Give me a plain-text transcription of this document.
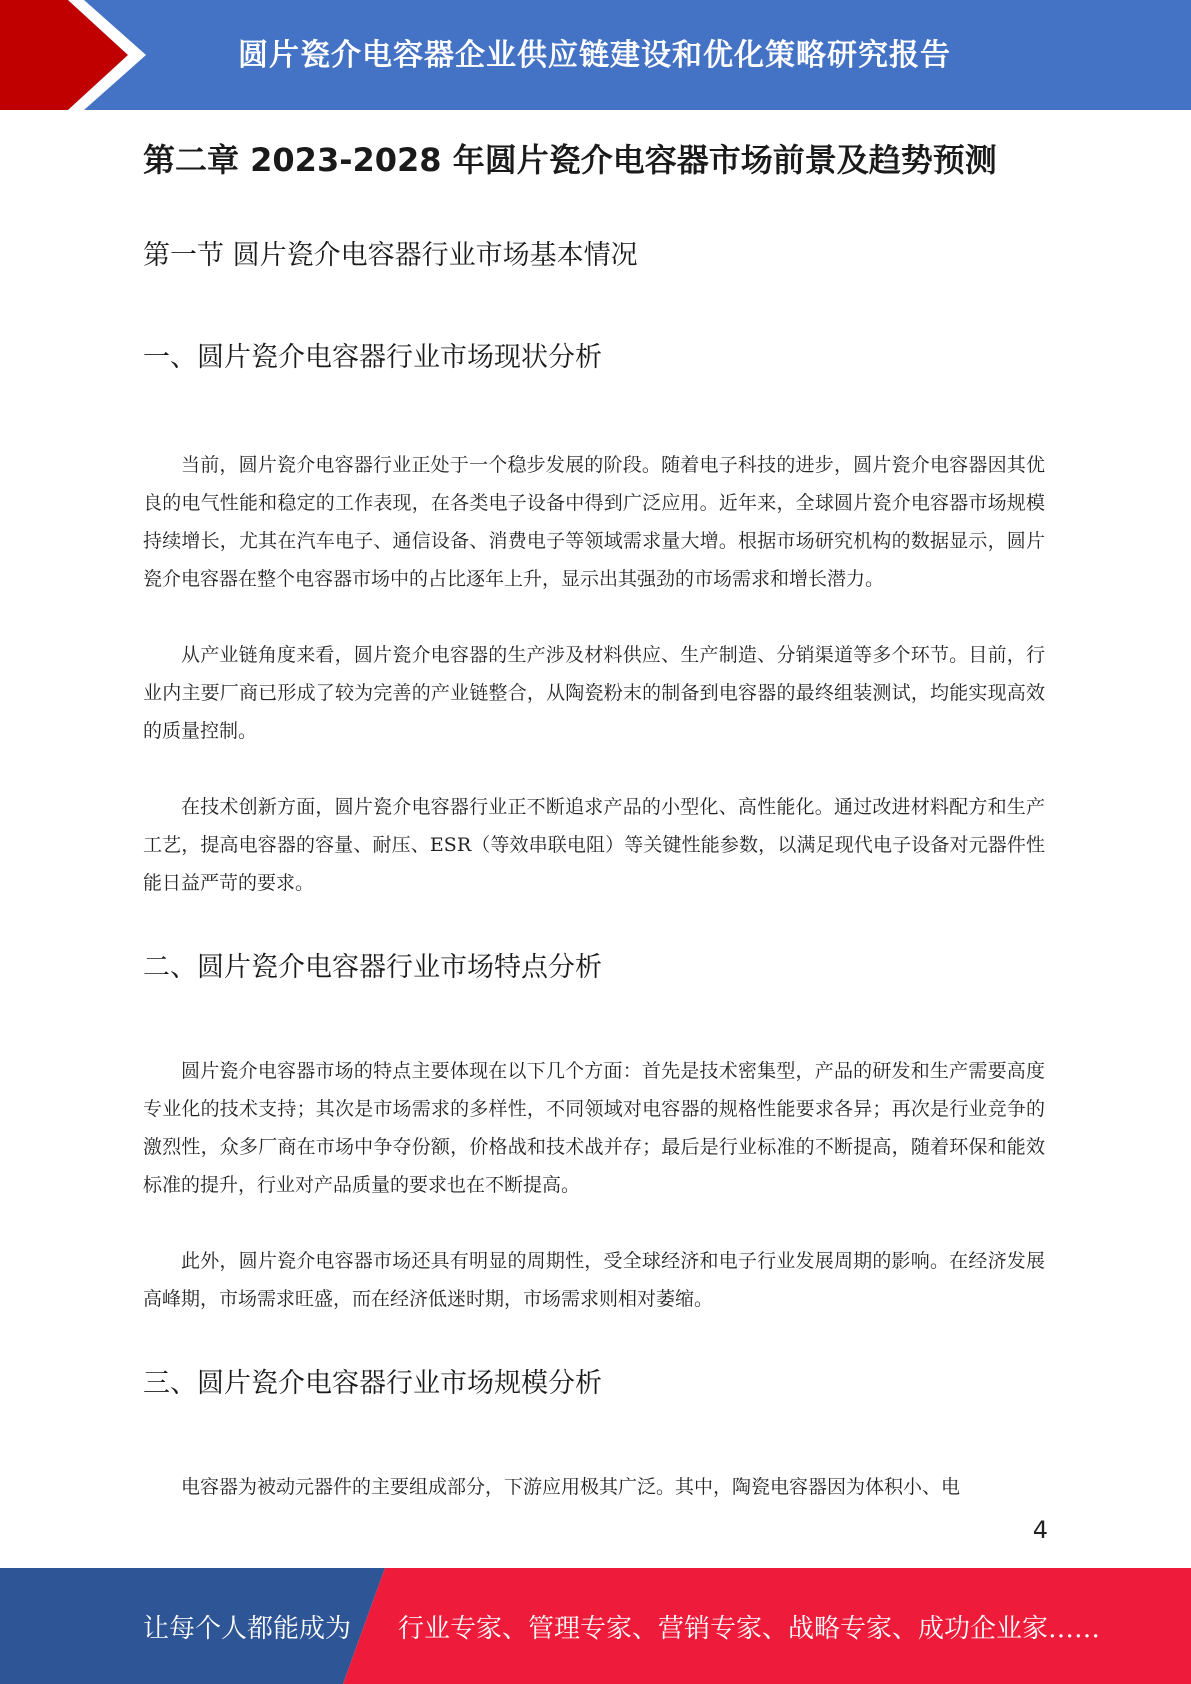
圆片瓷介电容器企业供应链建设和优化策略研究报告
第二章 2023-2028 年圆片瓷介电容器市场前景及趋势预测
第一节 圆片瓷介电容器行业市场基本情况
一、圆片瓷介电容器行业市场现状分析

当前，圆片瓷介电容器行业正处于一个稳步发展的阶段。随着电子科技的进步，圆片瓷介电容器因其优良的电气性能和稳定的工作表现，在各类电子设备中得到广泛应用。近年来，全球圆片瓷介电容器市场规模持续增长，尤其在汽车电子、通信设备、消费电子等领域需求量大增。根据市场研究机构的数据显示，圆片瓷介电容器在整个电容器市场中的占比逐年上升，显示出其强劲的市场需求和增长潜力。

从产业链角度来看，圆片瓷介电容器的生产涉及材料供应、生产制造、分销渠道等多个环节。目前，行业内主要厂商已形成了较为完善的产业链整合，从陶瓷粉末的制备到电容器的最终组装测试，均能实现高效的质量控制。

在技术创新方面，圆片瓷介电容器行业正不断追求产品的小型化、高性能化。通过改进材料配方和生产工艺，提高电容器的容量、耐压、ESR（等效串联电阻）等关键性能参数，以满足现代电子设备对元器件性能日益严苛的要求。

二、圆片瓷介电容器行业市场特点分析

圆片瓷介电容器市场的特点主要体现在以下几个方面：首先是技术密集型，产品的研发和生产需要高度专业化的技术支持；其次是市场需求的多样性，不同领域对电容器的规格性能要求各异；再次是行业竞争的激烈性，众多厂商在市场中争夺份额，价格战和技术战并存；最后是行业标准的不断提高，随着环保和能效标准的提升，行业对产品质量的要求也在不断提高。

此外，圆片瓷介电容器市场还具有明显的周期性，受全球经济和电子行业发展周期的影响。在经济发展高峰期，市场需求旺盛，而在经济低迷时期，市场需求则相对萎缩。

三、圆片瓷介电容器行业市场规模分析

电容器为被动元器件的主要组成部分，下游应用极其广泛。其中，陶瓷电容器因为体积小、电

4
让每个人都能成为 行业专家、管理专家、营销专家、战略专家、成功企业家……
